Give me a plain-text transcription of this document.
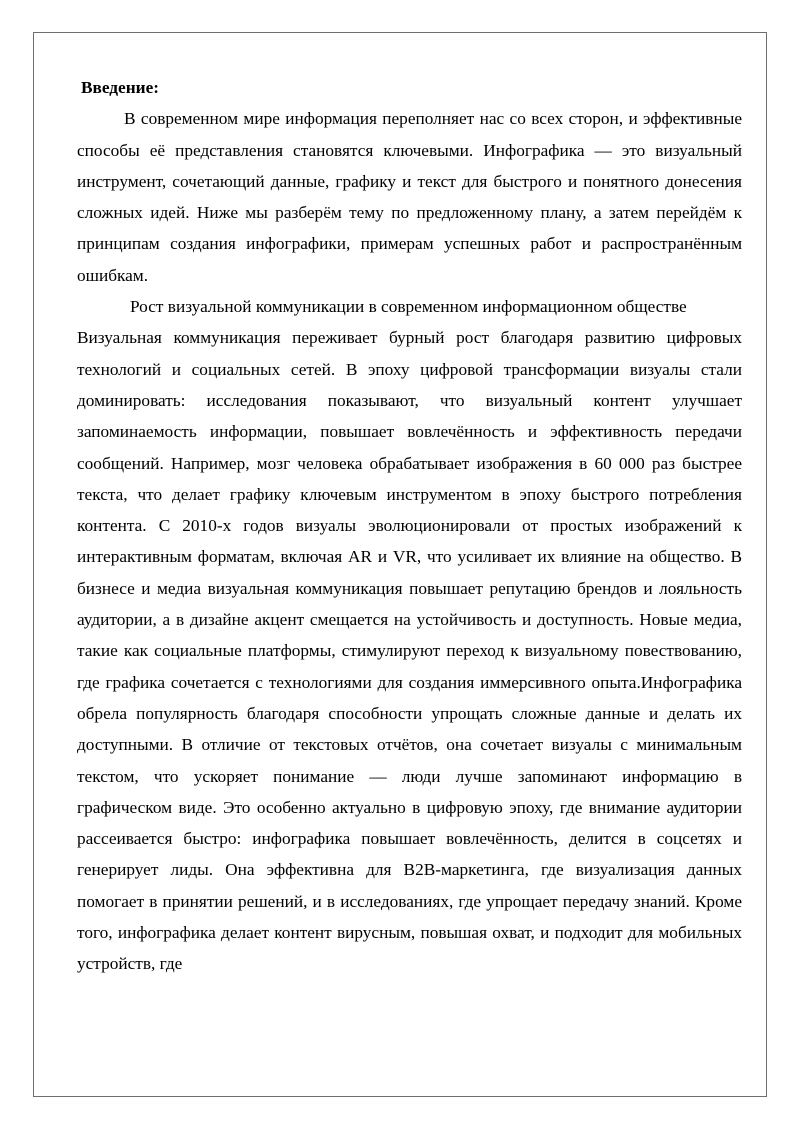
Введение:

В современном мире информация переполняет нас со всех сторон, и эффективные способы её представления становятся ключевыми. Инфографика — это визуальный инструмент, сочетающий данные, графику и текст для быстрого и понятного донесения сложных идей. Ниже мы разберём тему по предложенному плану, а затем перейдём к принципам создания инфографики, примерам успешных работ и распространённым ошибкам.

Рост визуальной коммуникации в современном информационном обществе

Визуальная коммуникация переживает бурный рост благодаря развитию цифровых технологий и социальных сетей. В эпоху цифровой трансформации визуалы стали доминировать: исследования показывают, что визуальный контент улучшает запоминаемость информации, повышает вовлечённость и эффективность передачи сообщений. Например, мозг человека обрабатывает изображения в 60 000 раз быстрее текста, что делает графику ключевым инструментом в эпоху быстрого потребления контента. С 2010-х годов визуалы эволюционировали от простых изображений к интерактивным форматам, включая AR и VR, что усиливает их влияние на общество. В бизнесе и медиа визуальная коммуникация повышает репутацию брендов и лояльность аудитории, а в дизайне акцент смещается на устойчивость и доступность. Новые медиа, такие как социальные платформы, стимулируют переход к визуальному повествованию, где графика сочетается с технологиями для создания иммерсивного опыта.Инфографика обрела популярность благодаря способности упрощать сложные данные и делать их доступными. В отличие от текстовых отчётов, она сочетает визуалы с минимальным текстом, что ускоряет понимание — люди лучше запоминают информацию в графическом виде. Это особенно актуально в цифровую эпоху, где внимание аудитории рассеивается быстро: инфографика повышает вовлечённость, делится в соцсетях и генерирует лиды. Она эффективна для B2B-маркетинга, где визуализация данных помогает в принятии решений, и в исследованиях, где упрощает передачу знаний. Кроме того, инфографика делает контент вирусным, повышая охват, и подходит для мобильных устройств, где
